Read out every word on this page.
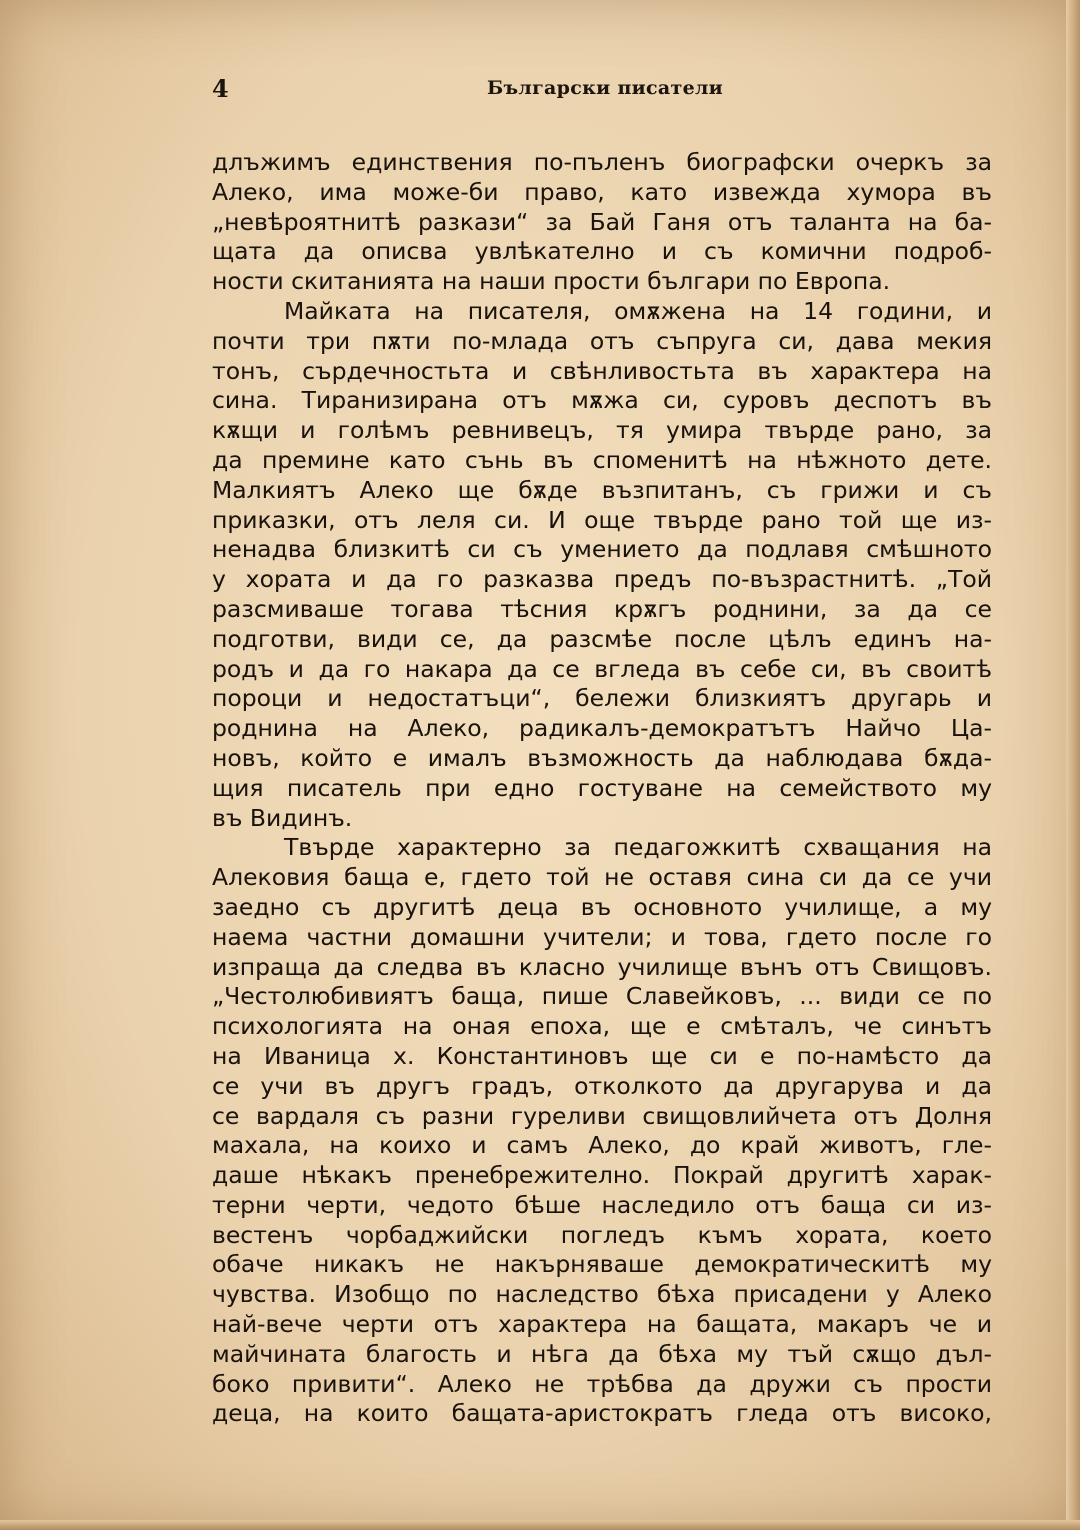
4	Български писатели
длъжимъ единствения по-пъленъ биографски очеркъ за
Алеко, има може-би право, като извежда хумора въ
„невѣроятнитѣ разкази“ за Бай Ганя отъ таланта на ба-
щата да описва увлѣкателно и съ комични подроб-
ности скитанията на наши прости българи по Европа.
Майката на писателя, омѫжена на 14 години, и
почти три пѫти по-млада отъ съпруга си, дава мекия
тонъ, сърдечностьта и свѣнливостьта въ характера на
сина. Тиранизирана отъ мѫжа си, суровъ деспотъ въ
кѫщи и голѣмъ ревнивецъ, тя умира твърде рано, за
да премине като сънь въ споменитѣ на нѣжното дете.
Малкиятъ Алеко ще бѫде възпитанъ, съ грижи и съ
приказки, отъ леля си. И още твърде рано той ще из-
ненадва близкитѣ си съ умението да подлавя смѣшното
у хората и да го разказва предъ по-възрастнитѣ. „Той
разсмиваше тогава тѣсния крѫгъ роднини, за да се
подготви, види се, да разсмѣе после цѣлъ единъ на-
родъ и да го накара да се вгледа въ себе си, въ своитѣ
пороци и недостатъци“, бележи близкиятъ другарь и
роднина на Алеко, радикалъ-демократътъ Найчо Ца-
новъ, който е ималъ възможность да наблюдава бѫда-
щия писатель при едно гостуване на семейството му
въ Видинъ.
Твърде характерно за педагожкитѣ схващания на
Алековия баща е, гдето той не оставя сина си да се учи
заедно съ другитѣ деца въ основното училище, а му
наема частни домашни учители; и това, гдето после го
изпраща да следва въ класно училище вънъ отъ Свищовъ.
„Честолюбивиятъ баща, пише Славейковъ, ... види се по
психологията на оная епоха, ще е смѣталъ, че синътъ
на Иваница х. Константиновъ ще си е по-намѣсто да
се учи въ другъ градъ, отколкото да другарува и да
се вардаля съ разни гурeливи свищовлийчета отъ Долня
махала, на коихо и самъ Алеко, до край животъ, гле-
даше нѣкакъ пренебрежително. Покрай другитѣ харак-
терни черти, чедото бѣше наследило отъ баща си из-
вестенъ чорбаджийски погледъ къмъ хората, което
обаче никакъ не накърняваше демократическитѣ му
чувства. Изобщо по наследство бѣха присадени у Алеко
най-вече черти отъ характера на бащата, макаръ че и
майчината благость и нѣга да бѣха му тъй сѫщо дъл-
боко привити“. Алеко не трѣбва да дружи съ прости
деца, на които бащата-аристократъ гледа отъ високо,
